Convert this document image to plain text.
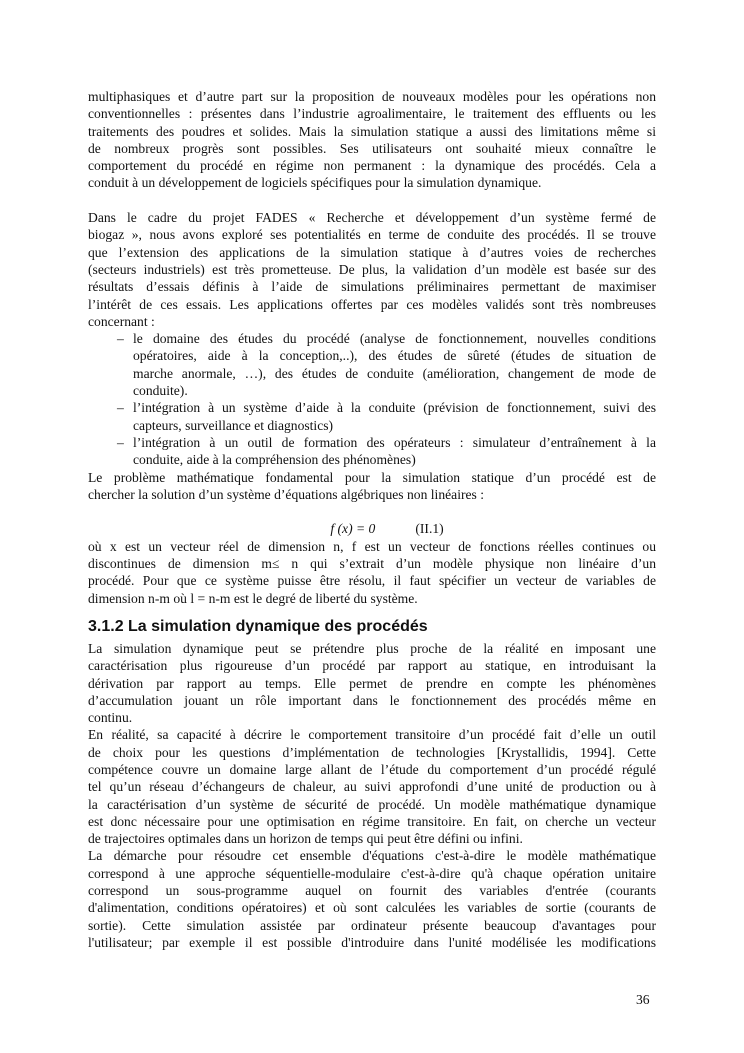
multiphasiques et d’autre part sur la proposition de nouveaux modèles pour les opérations non
conventionnelles : présentes dans l’industrie agroalimentaire, le traitement des effluents ou les
traitements des poudres et solides. Mais la simulation statique a aussi des limitations même si
de nombreux progrès sont possibles. Ses utilisateurs ont souhaité mieux connaître le
comportement du procédé en régime non permanent : la dynamique des procédés. Cela a
conduit à un développement de logiciels spécifiques pour la simulation dynamique.
Dans le cadre du projet FADES « Recherche et développement d’un système fermé de
biogaz », nous avons exploré ses potentialités en terme de conduite des procédés. Il se trouve
que l’extension des applications de la simulation statique à d’autres voies de recherches
(secteurs industriels) est très prometteuse. De plus, la validation d’un modèle est basée sur des
résultats d’essais définis à l’aide de simulations préliminaires permettant de maximiser
l’intérêt de ces essais. Les applications offertes par ces modèles validés sont très nombreuses
concernant :
– le domaine des études du procédé (analyse de fonctionnement, nouvelles conditions
opératoires, aide à la conception,..), des études de sûreté (études de situation de
marche anormale, …), des études de conduite (amélioration, changement de mode de
conduite).
– l’intégration à un système d’aide à la conduite (prévision de fonctionnement, suivi des
capteurs, surveillance et diagnostics)
– l’intégration à un outil de formation des opérateurs : simulateur d’entraînement à la
conduite, aide à la compréhension des phénomènes)
Le problème mathématique fondamental pour la simulation statique d’un procédé est de
chercher la solution d’un système d’équations algébriques non linéaires :
f (x) = 0	(II.1)
où x est un vecteur réel de dimension n, f est un vecteur de fonctions réelles continues ou
discontinues de dimension m≤ n qui s’extrait d’un modèle physique non linéaire d’un
procédé. Pour que ce système puisse être résolu, il faut spécifier un vecteur de variables de
dimension n-m où l = n-m est le degré de liberté du système.
3.1.2 La simulation dynamique des procédés
La simulation dynamique peut se prétendre plus proche de la réalité en imposant une
caractérisation plus rigoureuse d’un procédé par rapport au statique, en introduisant la
dérivation par rapport au temps. Elle permet de prendre en compte les phénomènes
d’accumulation jouant un rôle important dans le fonctionnement des procédés même en
continu.
En réalité, sa capacité à décrire le comportement transitoire d’un procédé fait d’elle un outil
de choix pour les questions d’implémentation de technologies [Krystallidis, 1994]. Cette
compétence couvre un domaine large allant de l’étude du comportement d’un procédé régulé
tel qu’un réseau d’échangeurs de chaleur, au suivi approfondi d’une unité de production ou à
la caractérisation d’un système de sécurité de procédé. Un modèle mathématique dynamique
est donc nécessaire pour une optimisation en régime transitoire. En fait, on cherche un vecteur
de trajectoires optimales dans un horizon de temps qui peut être défini ou infini.
La démarche pour résoudre cet ensemble d'équations c'est-à-dire le modèle mathématique
correspond à une approche séquentielle-modulaire c'est-à-dire qu'à chaque opération unitaire
correspond un sous-programme auquel on fournit des variables d'entrée (courants
d'alimentation, conditions opératoires) et où sont calculées les variables de sortie (courants de
sortie). Cette simulation assistée par ordinateur présente beaucoup d'avantages pour
l'utilisateur; par exemple il est possible d'introduire dans l'unité modélisée les modifications
36
